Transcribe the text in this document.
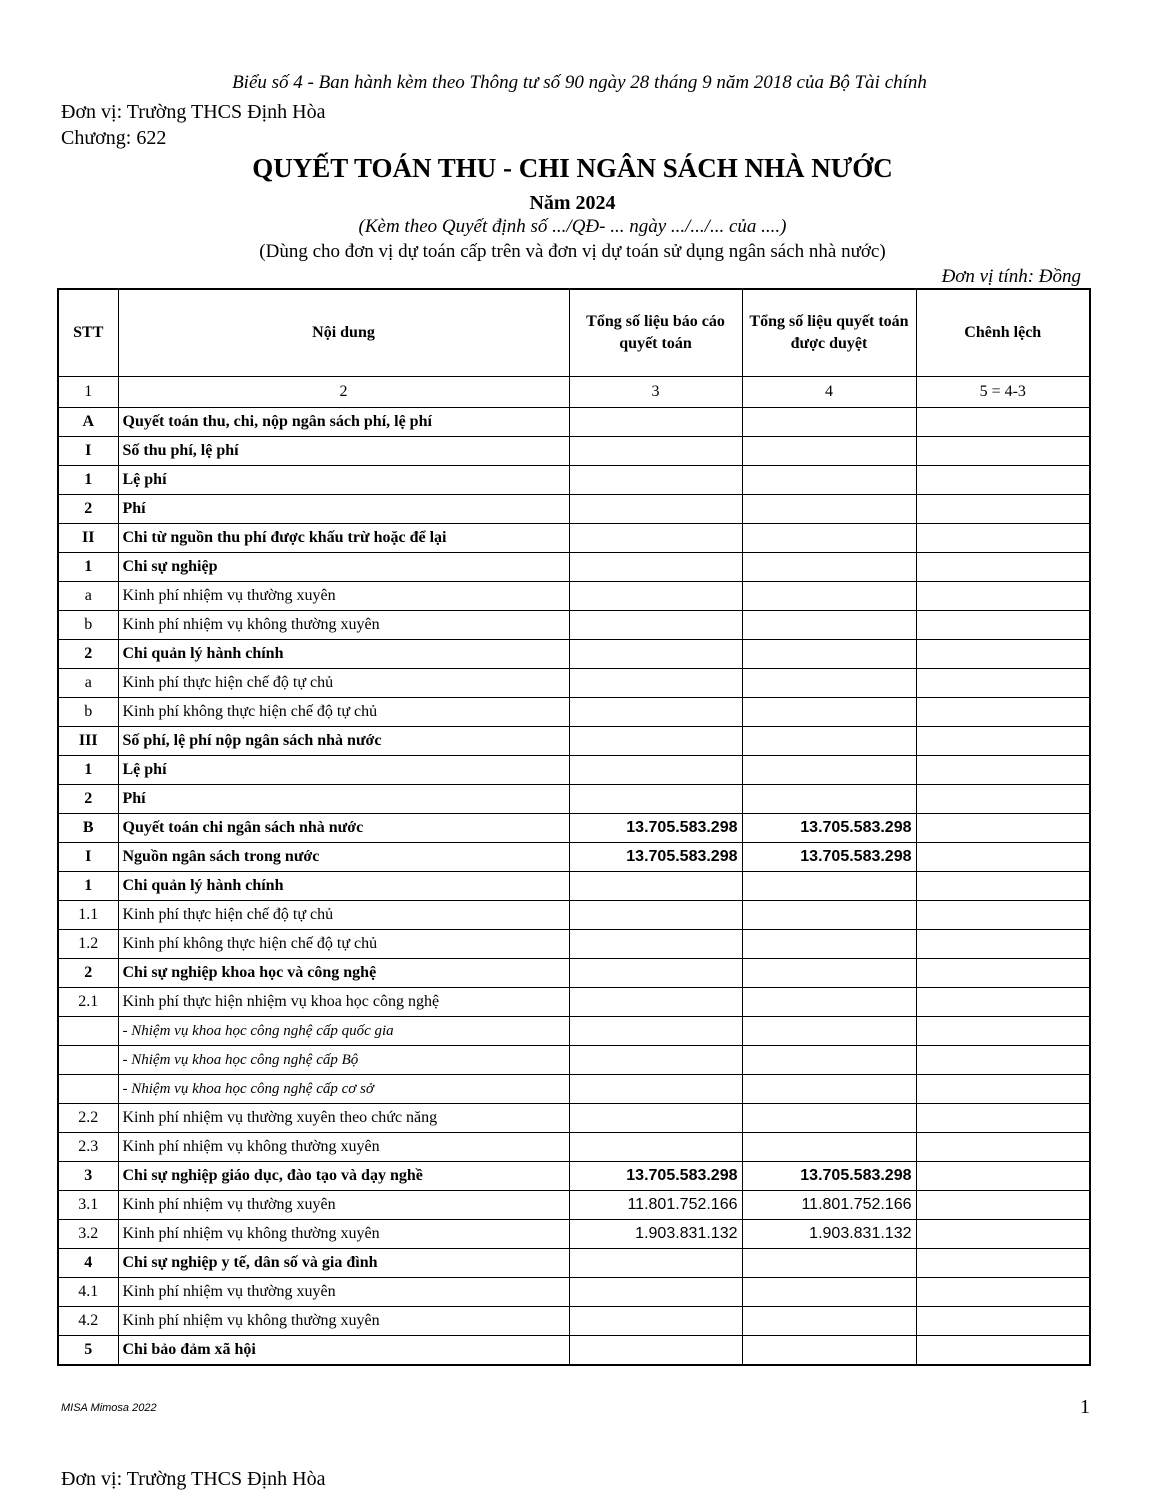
Biểu số 4 - Ban hành kèm theo Thông tư số 90 ngày 28 tháng 9 năm 2018 của Bộ Tài chính
Đơn vị: Trường THCS Định Hòa
Chương: 622
QUYẾT TOÁN THU - CHI NGÂN SÁCH NHÀ NƯỚC
Năm 2024
(Kèm theo Quyết định số .../QĐ- ... ngày .../.../... của ....)
(Dùng cho đơn vị dự toán cấp trên và đơn vị dự toán sử dụng ngân sách nhà nước)
Đơn vị tính: Đồng
STT	Nội dung	Tổng số liệu báo cáo quyết toán	Tổng số liệu quyết toán được duyệt	Chênh lệch
1	2	3	4	5 = 4-3
A	Quyết toán thu, chi, nộp ngân sách phí, lệ phí			
I	Số thu phí, lệ phí			
1	Lệ phí			
2	Phí			
II	Chi từ nguồn thu phí được khấu trừ hoặc để lại			
1	Chi sự nghiệp			
a	Kinh phí nhiệm vụ thường xuyên			
b	Kinh phí nhiệm vụ không thường xuyên			
2	Chi quản lý hành chính			
a	Kinh phí thực hiện chế độ tự chủ			
b	Kinh phí không thực hiện chế độ tự chủ			
III	Số phí, lệ phí nộp ngân sách nhà nước			
1	Lệ phí			
2	Phí			
B	Quyết toán chi ngân sách nhà nước	13.705.583.298	13.705.583.298	
I	Nguồn ngân sách trong nước	13.705.583.298	13.705.583.298	
1	Chi quản lý hành chính			
1.1	Kinh phí thực hiện chế độ tự chủ			
1.2	Kinh phí không thực hiện chế độ tự chủ			
2	Chi sự nghiệp khoa học và công nghệ			
2.1	Kinh phí thực hiện nhiệm vụ khoa học công nghệ			
	- Nhiệm vụ khoa học công nghệ cấp quốc gia			
	- Nhiệm vụ khoa học công nghệ cấp Bộ			
	- Nhiệm vụ khoa học công nghệ cấp cơ sở			
2.2	Kinh phí nhiệm vụ thường xuyên theo chức năng			
2.3	Kinh phí nhiệm vụ không thường xuyên			
3	Chi sự nghiệp giáo dục, đào tạo và dạy nghề	13.705.583.298	13.705.583.298	
3.1	Kinh phí nhiệm vụ thường xuyên	11.801.752.166	11.801.752.166	
3.2	Kinh phí nhiệm vụ không thường xuyên	1.903.831.132	1.903.831.132	
4	Chi sự nghiệp y tế, dân số và gia đình			
4.1	Kinh phí nhiệm vụ thường xuyên			
4.2	Kinh phí nhiệm vụ không thường xuyên			
5	Chi bảo đảm xã hội			
MISA Mimosa 2022	1
Đơn vị: Trường THCS Định Hòa
